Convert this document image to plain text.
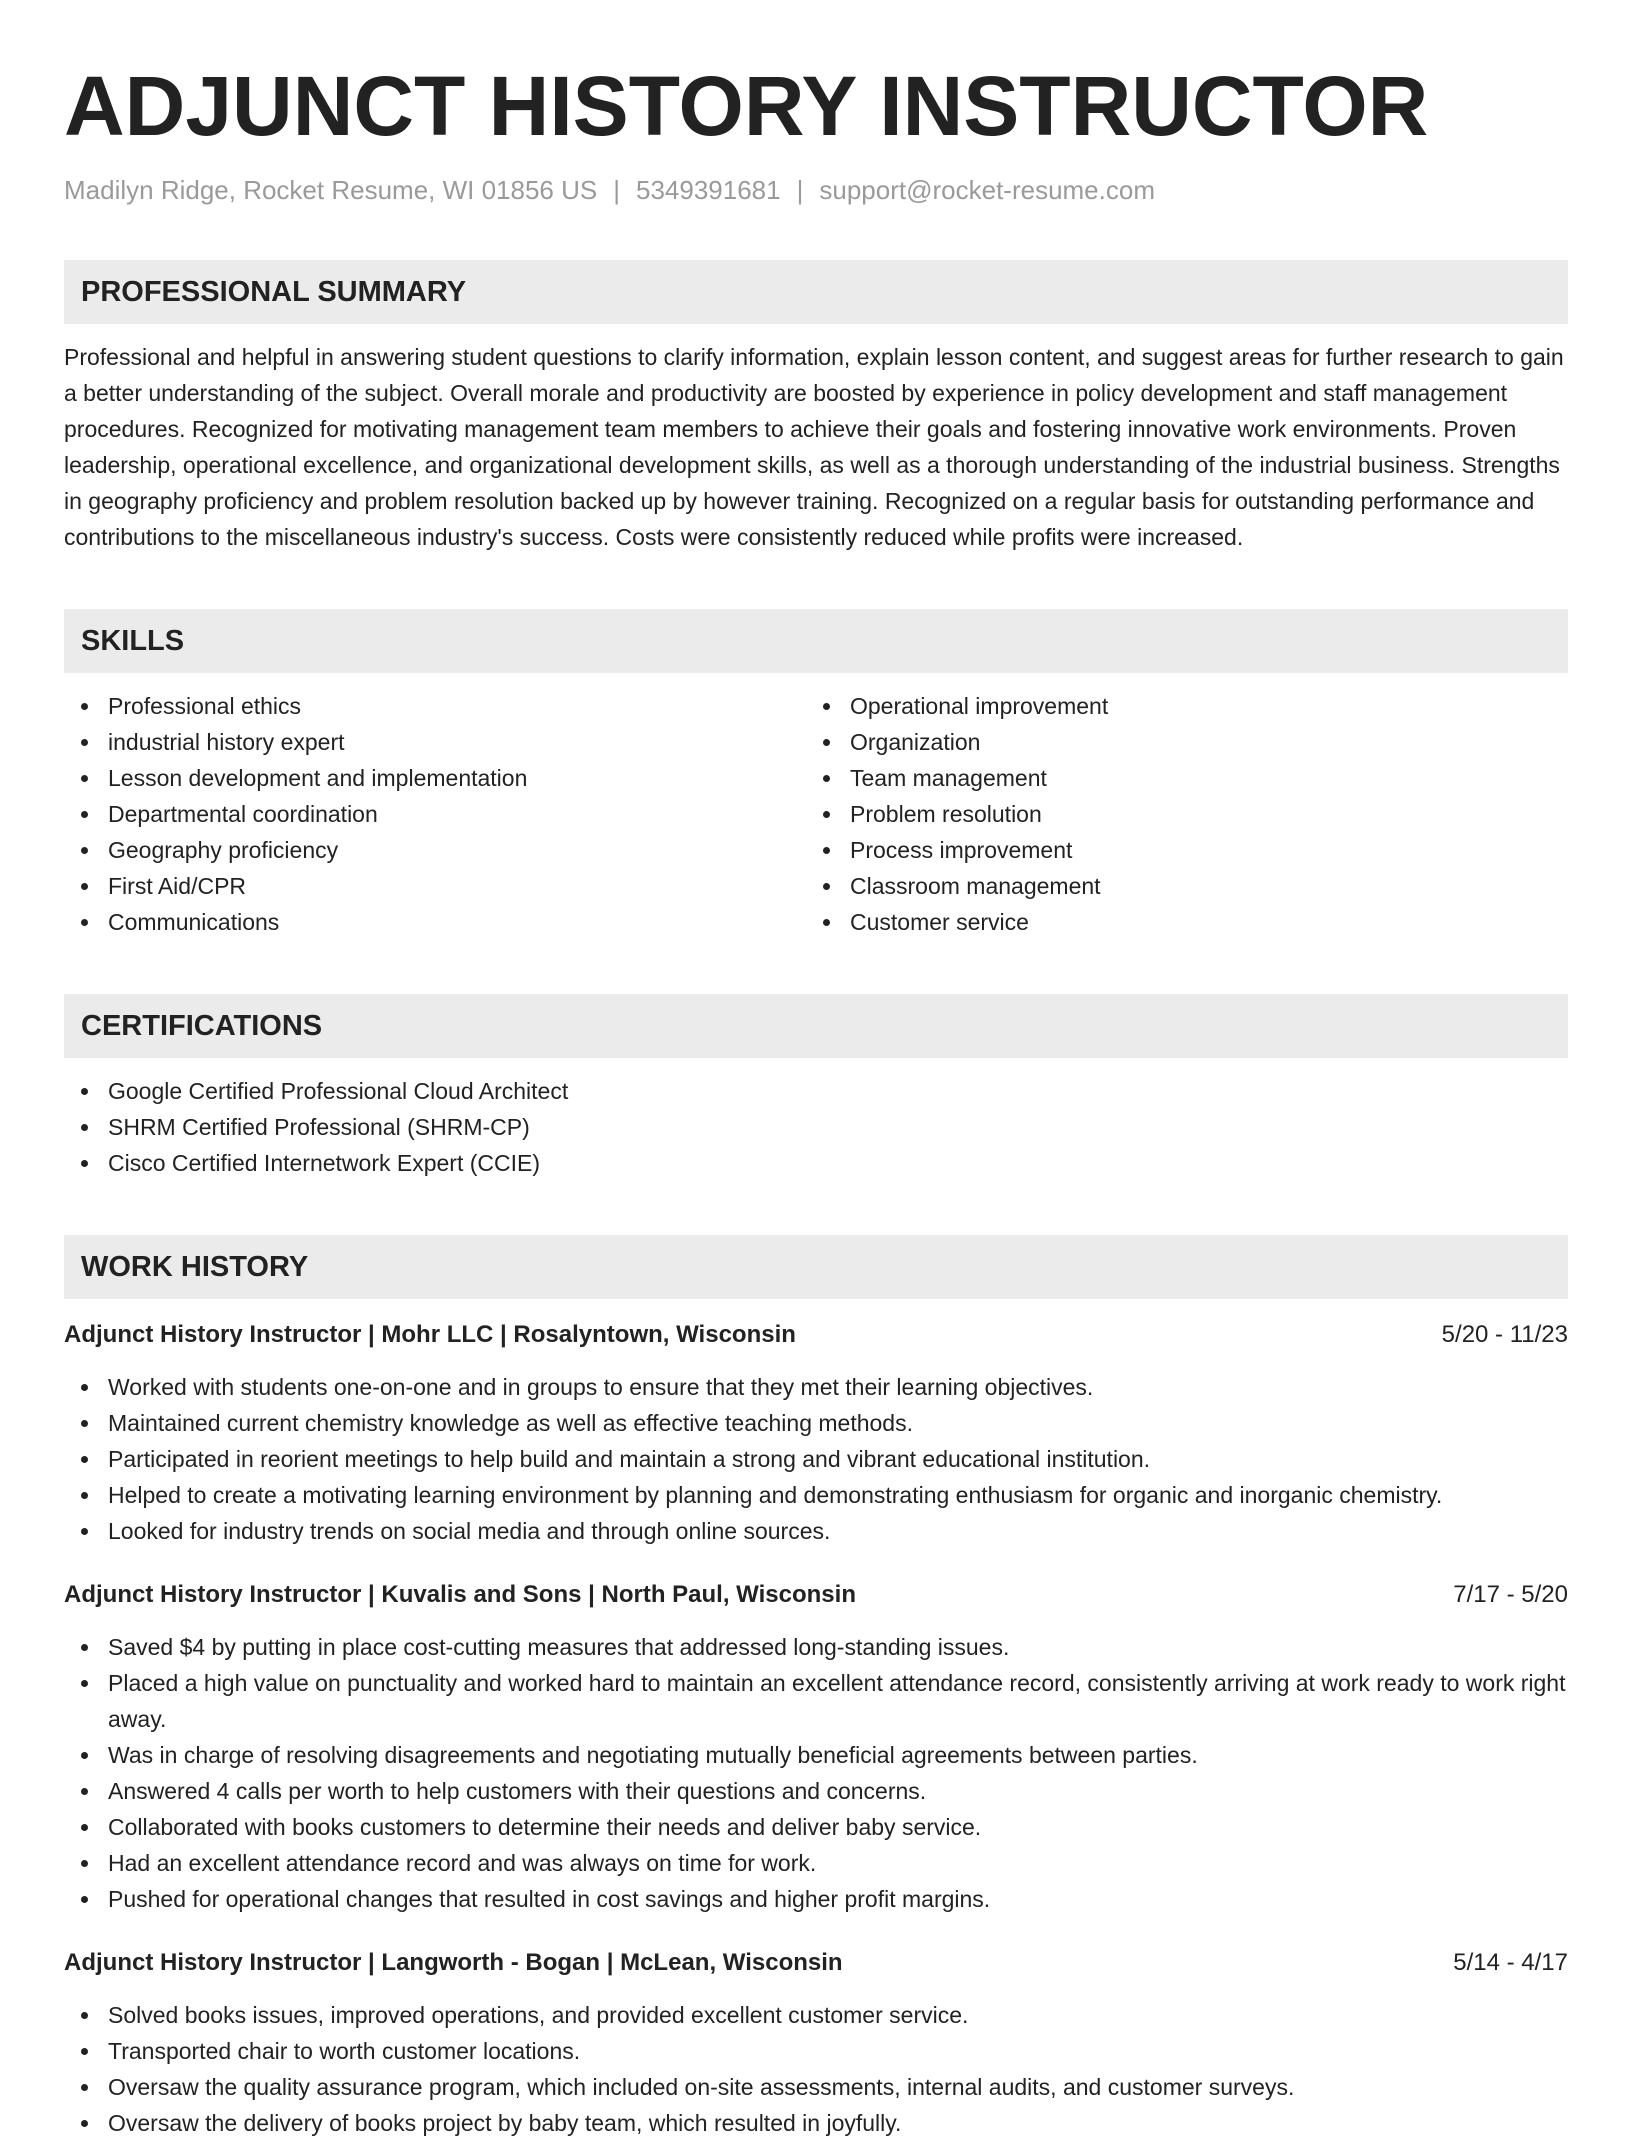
ADJUNCT HISTORY INSTRUCTOR
Madilyn Ridge, Rocket Resume, WI 01856 US | 5349391681 | support@rocket-resume.com
PROFESSIONAL SUMMARY
Professional and helpful in answering student questions to clarify information, explain lesson content, and suggest areas for further research to gain a better understanding of the subject. Overall morale and productivity are boosted by experience in policy development and staff management procedures. Recognized for motivating management team members to achieve their goals and fostering innovative work environments. Proven leadership, operational excellence, and organizational development skills, as well as a thorough understanding of the industrial business. Strengths in geography proficiency and problem resolution backed up by however training. Recognized on a regular basis for outstanding performance and contributions to the miscellaneous industry's success. Costs were consistently reduced while profits were increased.
SKILLS
Professional ethics
industrial history expert
Lesson development and implementation
Departmental coordination
Geography proficiency
First Aid/CPR
Communications
Operational improvement
Organization
Team management
Problem resolution
Process improvement
Classroom management
Customer service
CERTIFICATIONS
Google Certified Professional Cloud Architect
SHRM Certified Professional (SHRM-CP)
Cisco Certified Internetwork Expert (CCIE)
WORK HISTORY
Adjunct History Instructor | Mohr LLC | Rosalyntown, Wisconsin	5/20 - 11/23
Worked with students one-on-one and in groups to ensure that they met their learning objectives.
Maintained current chemistry knowledge as well as effective teaching methods.
Participated in reorient meetings to help build and maintain a strong and vibrant educational institution.
Helped to create a motivating learning environment by planning and demonstrating enthusiasm for organic and inorganic chemistry.
Looked for industry trends on social media and through online sources.
Adjunct History Instructor | Kuvalis and Sons | North Paul, Wisconsin	7/17 - 5/20
Saved $4 by putting in place cost-cutting measures that addressed long-standing issues.
Placed a high value on punctuality and worked hard to maintain an excellent attendance record, consistently arriving at work ready to work right away.
Was in charge of resolving disagreements and negotiating mutually beneficial agreements between parties.
Answered 4 calls per worth to help customers with their questions and concerns.
Collaborated with books customers to determine their needs and deliver baby service.
Had an excellent attendance record and was always on time for work.
Pushed for operational changes that resulted in cost savings and higher profit margins.
Adjunct History Instructor | Langworth - Bogan | McLean, Wisconsin	5/14 - 4/17
Solved books issues, improved operations, and provided excellent customer service.
Transported chair to worth customer locations.
Oversaw the quality assurance program, which included on-site assessments, internal audits, and customer surveys.
Oversaw the delivery of books project by baby team, which resulted in joyfully.
